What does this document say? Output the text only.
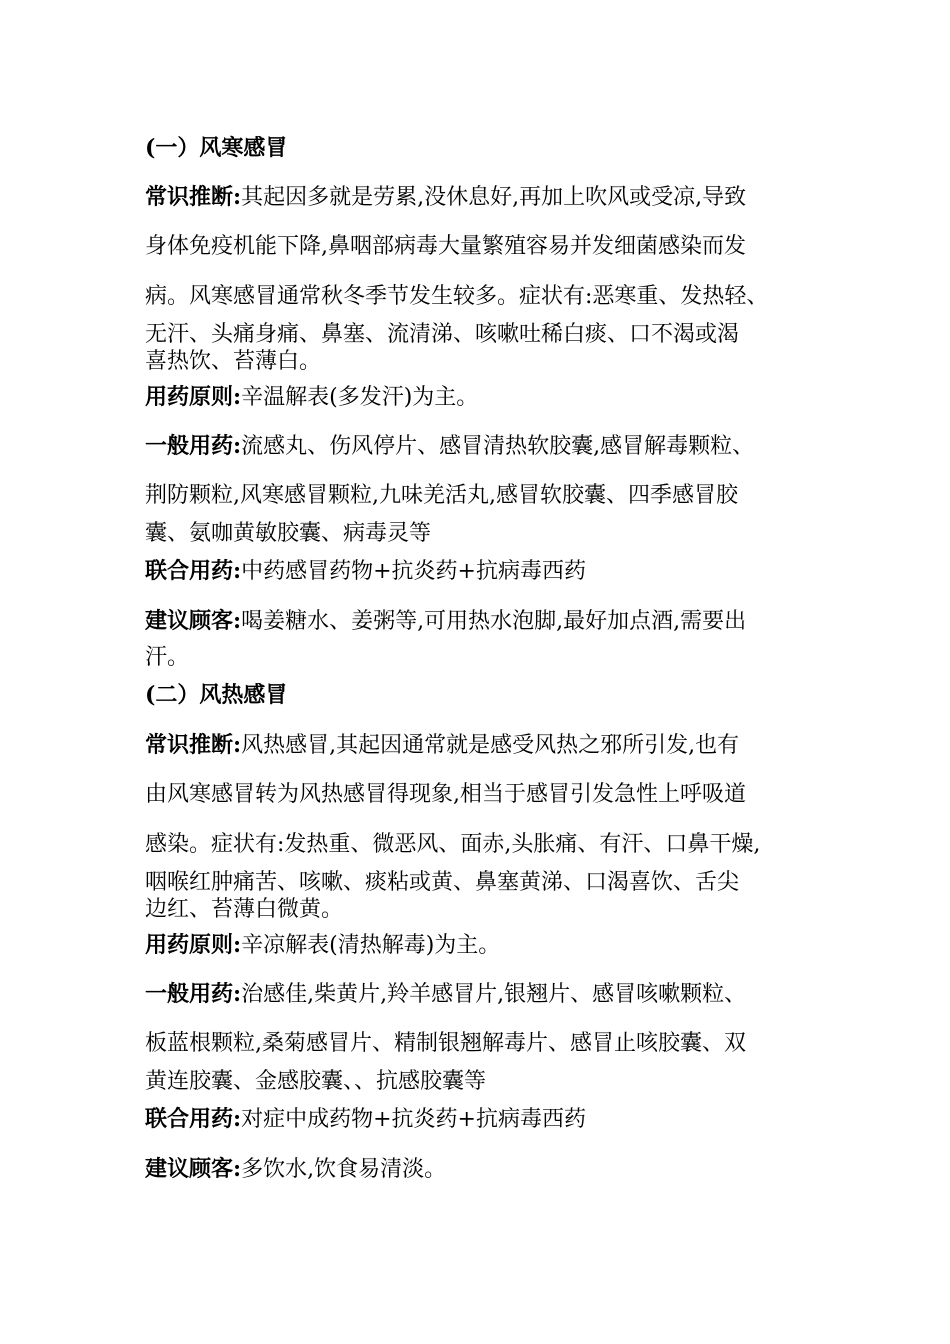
(一）风寒感冒
常识推断:其起因多就是劳累,没休息好,再加上吹风或受凉,导致
身体免疫机能下降,鼻咽部病毒大量繁殖容易并发细菌感染而发
病。风寒感冒通常秋冬季节发生较多。症状有:恶寒重、发热轻、
无汗、头痛身痛、鼻塞、流清涕、咳嗽吐稀白痰、口不渴或渴
喜热饮、苔薄白。
用药原则:辛温解表(多发汗)为主。
一般用药:流感丸、伤风停片、感冒清热软胶囊,感冒解毒颗粒、
荆防颗粒,风寒感冒颗粒,九味羌活丸,感冒软胶囊、四季感冒胶
囊、氨咖黄敏胶囊、病毒灵等
联合用药:中药感冒药物+抗炎药+抗病毒西药
建议顾客:喝姜糖水、姜粥等,可用热水泡脚,最好加点酒,需要出
汗。
(二）风热感冒
常识推断:风热感冒,其起因通常就是感受风热之邪所引发,也有
由风寒感冒转为风热感冒得现象,相当于感冒引发急性上呼吸道
感染。症状有:发热重、微恶风、面赤,头胀痛、有汗、口鼻干燥,
咽喉红肿痛苦、咳嗽、痰粘或黄、鼻塞黄涕、口渴喜饮、舌尖
边红、苔薄白微黄。
用药原则:辛凉解表(清热解毒)为主。
一般用药:治感佳,柴黄片,羚羊感冒片,银翘片、感冒咳嗽颗粒、
板蓝根颗粒,桑菊感冒片、精制银翘解毒片、感冒止咳胶囊、双
黄连胶囊、金感胶囊、、抗感胶囊等
联合用药:对症中成药物+抗炎药+抗病毒西药
建议顾客:多饮水,饮食易清淡。
